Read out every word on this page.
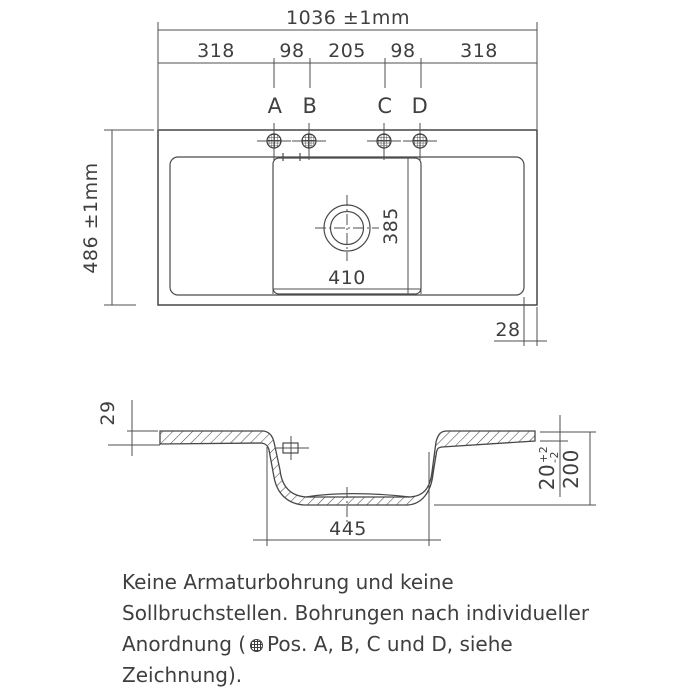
1036 ±1mm
318 98 205 98 318
A B	C D
410
385
486 ±1mm
28
29
20
+2
-2
200
445
Keine Armaturbohrung und keine
Sollbruchstellen. Bohrungen nach individueller
Anordnung ( Pos. A, B, C und D, siehe
Zeichnung).
